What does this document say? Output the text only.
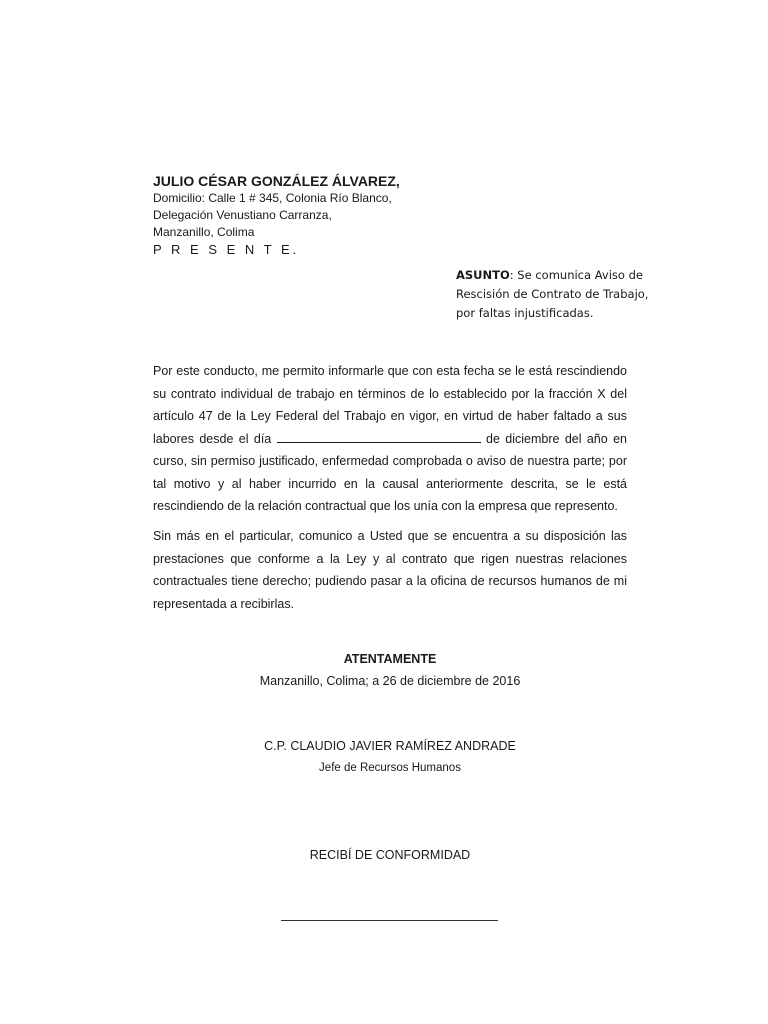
JULIO CÉSAR GONZÁLEZ ÁLVAREZ,

Domicilio: Calle 1 # 345, Colonia Río Blanco,

Delegación Venustiano Carranza,

Manzanillo, Colima

P R E S E N T E.

ASUNTO: Se comunica Aviso de Rescisión de Contrato de Trabajo, por faltas injustificadas.

Por este conducto, me permito informarle que con esta fecha se le está rescindiendo su contrato individual de trabajo en términos de lo establecido por la fracción X del artículo 47 de la Ley Federal del Trabajo en vigor, en virtud de haber faltado a sus labores desde el día	de diciembre del año en curso, sin permiso justificado, enfermedad comprobada o aviso de nuestra parte; por tal motivo y al haber incurrido en la causal anteriormente descrita, se le está rescindiendo de la relación contractual que los unía con la empresa que represento.

Sin más en el particular, comunico a Usted que se encuentra a su disposición las prestaciones que conforme a la Ley y al contrato que rigen nuestras relaciones contractuales tiene derecho; pudiendo pasar a la oficina de recursos humanos de mi representada a recibirlas.

ATENTAMENTE

Manzanillo, Colima; a 26 de diciembre de 2016

C.P. CLAUDIO JAVIER RAMÍREZ ANDRADE

Jefe de Recursos Humanos

RECIBÍ DE CONFORMIDAD
